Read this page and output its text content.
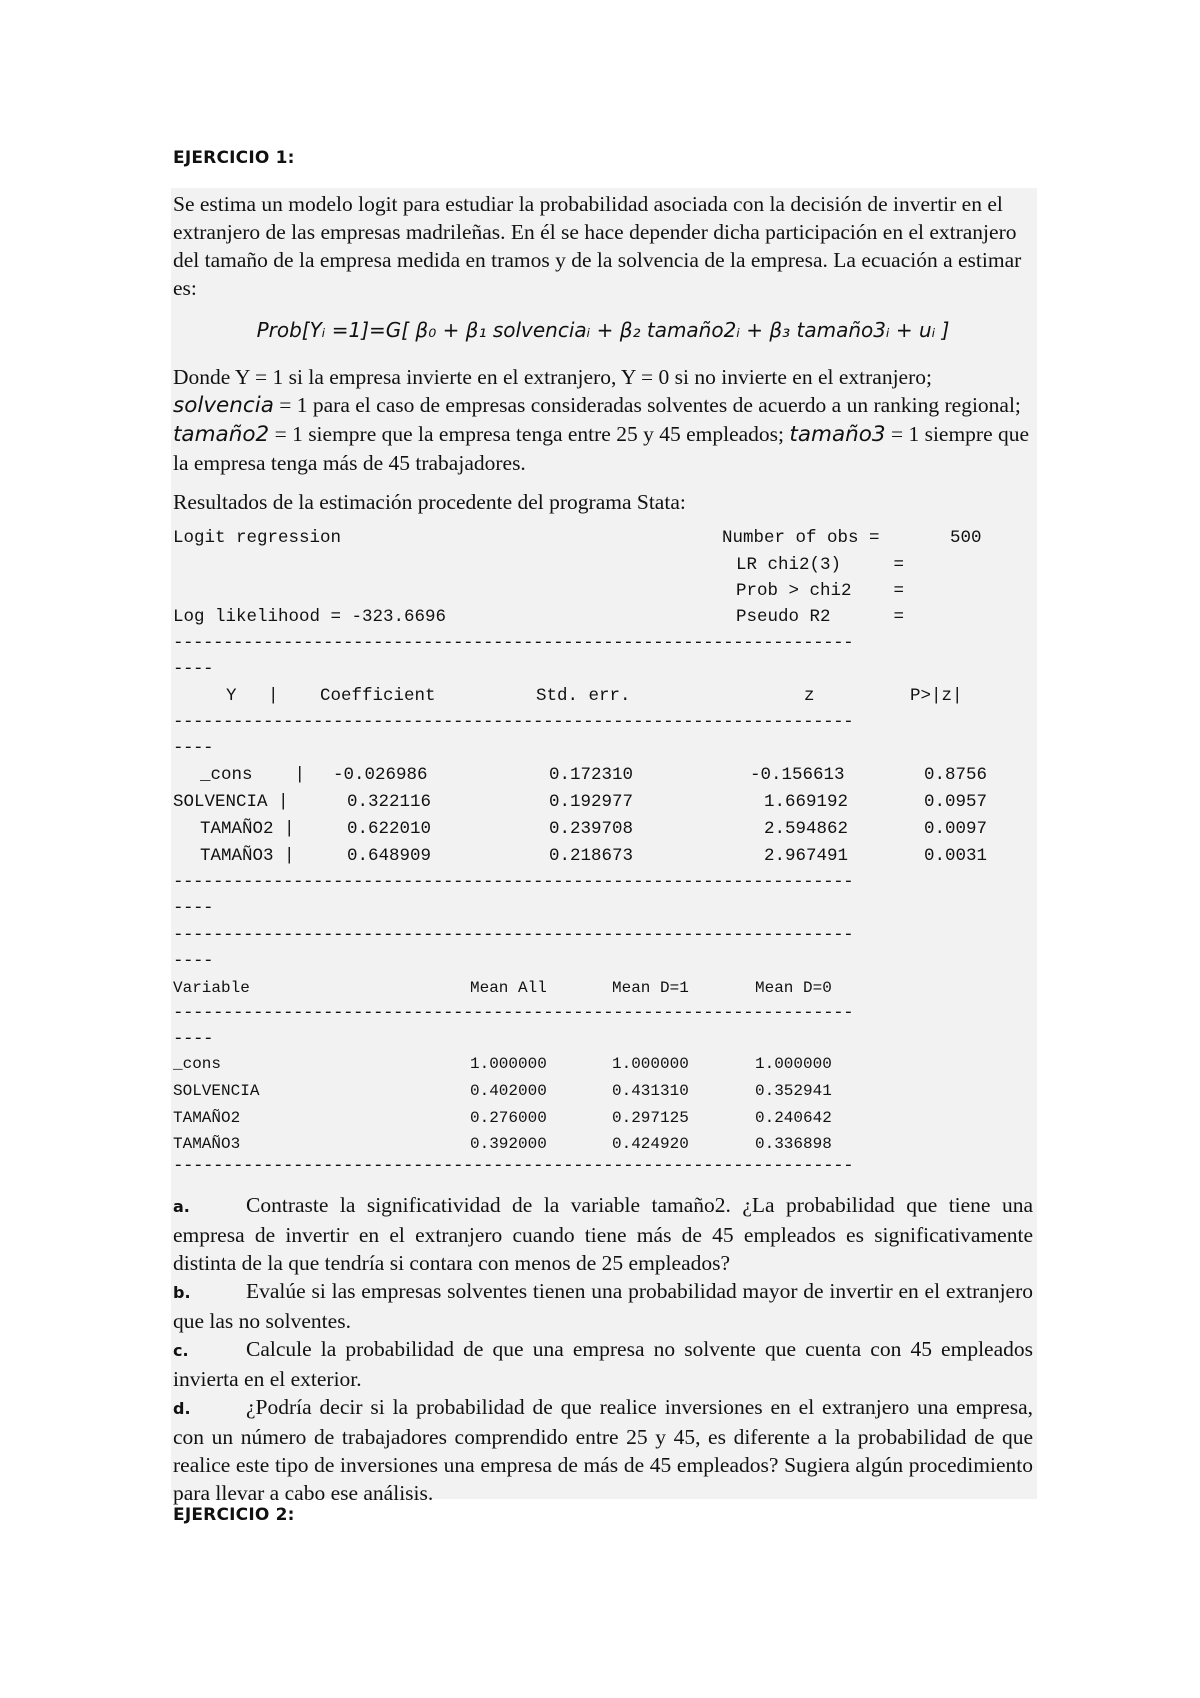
EJERCICIO 1:

Se estima un modelo logit para estudiar la probabilidad asociada con la decisión de invertir en el extranjero de las empresas madrileñas. En él se hace depender dicha participación en el extranjero del tamaño de la empresa medida en tramos y de la solvencia de la empresa. La ecuación a estimar es:

Prob[Yᵢ =1]=G[ β₀ + β₁ solvenciaᵢ + β₂ tamaño2ᵢ + β₃ tamaño3ᵢ + uᵢ ]

Donde Y = 1 si la empresa invierte en el extranjero, Y = 0 si no invierte en el extranjero; solvencia = 1 para el caso de empresas consideradas solventes de acuerdo a un ranking regional; tamaño2 = 1 siempre que la empresa tenga entre 25 y 45 empleados; tamaño3 = 1 siempre que la empresa tenga más de 45 trabajadores.

Resultados de la estimación procedente del programa Stata:

Logit regression	Number of obs =	500
LR chi2(3)     =
Prob > chi2    =
Log likelihood = -323.6696	Pseudo R2      =
--------------------------------------------------------------------
----
Y   | Coefficient	Std. err.	z	P>|z|
--------------------------------------------------------------------
----
_cons    | -0.026986	0.172310	-0.156613	0.8756
SOLVENCIA |	0.322116	0.192977	1.669192	0.0957
TAMAÑO2 |	0.622010	0.239708	2.594862	0.0097
TAMAÑO3 |	0.648909	0.218673	2.967491	0.0031
--------------------------------------------------------------------
----
--------------------------------------------------------------------
----
Variable	Mean All	Mean D=1	Mean D=0
--------------------------------------------------------------------
----
_cons	1.000000	1.000000	1.000000
SOLVENCIA	0.402000	0.431310	0.352941
TAMAÑO2	0.276000	0.297125	0.240642
TAMAÑO3	0.392000	0.424920	0.336898
--------------------------------------------------------------------

a.	Contraste la significatividad de la variable tamaño2. ¿La probabilidad que tiene una empresa de invertir en el extranjero cuando tiene más de 45 empleados es significativamente distinta de la que tendría si contara con menos de 25 empleados?

b.	Evalúe si las empresas solventes tienen una probabilidad mayor de invertir en el extranjero que las no solventes.

c.	Calcule la probabilidad de que una empresa no solvente que cuenta con 45 empleados invierta en el exterior.

d.	¿Podría decir si la probabilidad de que realice inversiones en el extranjero una empresa, con un número de trabajadores comprendido entre 25 y 45, es diferente a la probabilidad de que realice este tipo de inversiones una empresa de más de 45 empleados? Sugiera algún procedimiento para llevar a cabo ese análisis.

EJERCICIO 2:
